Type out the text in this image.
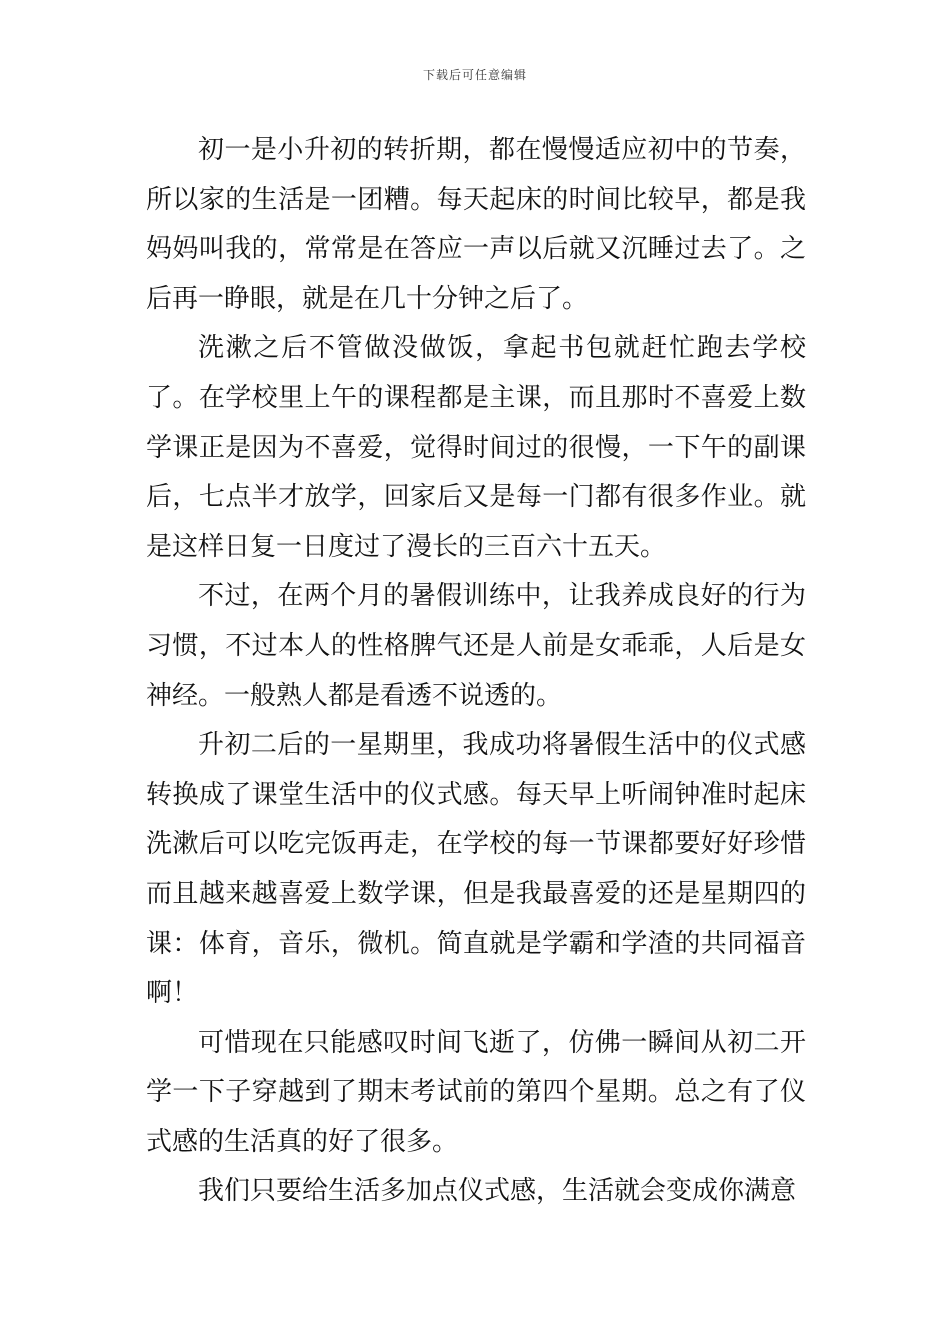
下载后可任意编辑

初一是小升初的转折期，都在慢慢适应初中的节奏，所以家的生活是一团糟。每天起床的时间比较早，都是我妈妈叫我的，常常是在答应一声以后就又沉睡过去了。之后再一睁眼，就是在几十分钟之后了。

洗漱之后不管做没做饭，拿起书包就赶忙跑去学校了。在学校里上午的课程都是主课，而且那时不喜爱上数学课正是因为不喜爱，觉得时间过的很慢，一下午的副课后，七点半才放学，回家后又是每一门都有很多作业。就是这样日复一日度过了漫长的三百六十五天。

不过，在两个月的暑假训练中，让我养成良好的行为习惯，不过本人的性格脾气还是人前是女乖乖，人后是女神经。一般熟人都是看透不说透的。

升初二后的一星期里，我成功将暑假生活中的仪式感转换成了课堂生活中的仪式感。每天早上听闹钟准时起床洗漱后可以吃完饭再走，在学校的每一节课都要好好珍惜而且越来越喜爱上数学课，但是我最喜爱的还是星期四的课：体育，音乐，微机。简直就是学霸和学渣的共同福音啊！

可惜现在只能感叹时间飞逝了，仿佛一瞬间从初二开学一下子穿越到了期末考试前的第四个星期。总之有了仪式感的生活真的好了很多。

我们只要给生活多加点仪式感，生活就会变成你满意
